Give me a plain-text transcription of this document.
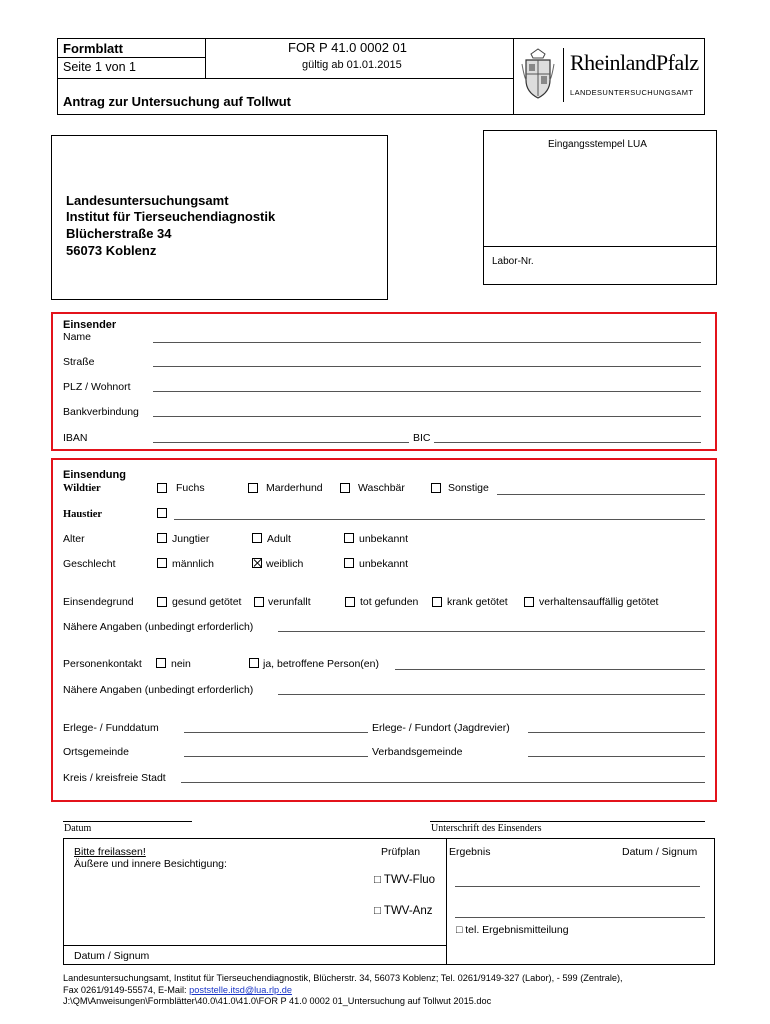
Formblatt
Seite 1 von 1
FOR P 41.0 0002 01
gültig ab 01.01.2015
Antrag zur Untersuchung auf Tollwut
RheinlandPfalz
LANDESUNTERSUCHUNGSAMT
Landesuntersuchungsamt
Institut für Tierseuchendiagnostik
Blücherstraße 34
56073 Koblenz
Eingangsstempel LUA
Labor-Nr.
Einsender
Name
Straße
PLZ / Wohnort
Bankverbindung
IBAN	BIC
Einsendung
Wildtier	Fuchs	Marderhund	Waschbär	Sonstige
Haustier
Alter	Jungtier	Adult	unbekannt
Geschlecht	männlich	weiblich	unbekannt
Einsendegrund	gesund getötet	verunfallt	tot gefunden	krank getötet	verhaltensauffällig getötet
Nähere Angaben (unbedingt erforderlich)
Personenkontakt	nein	ja, betroffene Person(en)
Nähere Angaben (unbedingt erforderlich)
Erlege- / Funddatum	Erlege- / Fundort (Jagdrevier)
Ortsgemeinde	Verbandsgemeinde
Kreis / kreisfreie Stadt
Datum	Unterschrift des Einsenders
Bitte freilassen!
Äußere und innere Besichtigung:
Prüfplan	Ergebnis	Datum / Signum
□ TWV-Fluo
□ TWV-Anz
□ tel. Ergebnismitteilung
Datum / Signum
Landesuntersuchungsamt, Institut für Tierseuchendiagnostik, Blücherstr. 34, 56073 Koblenz; Tel. 0261/9149-327 (Labor), - 599 (Zentrale),
Fax 0261/9149-55574, E-Mail: poststelle.itsd@lua.rlp.de
J:\QM\Anweisungen\Formblätter\40.0\41.0\41.0\FOR P 41.0 0002 01_Untersuchung auf Tollwut 2015.doc
